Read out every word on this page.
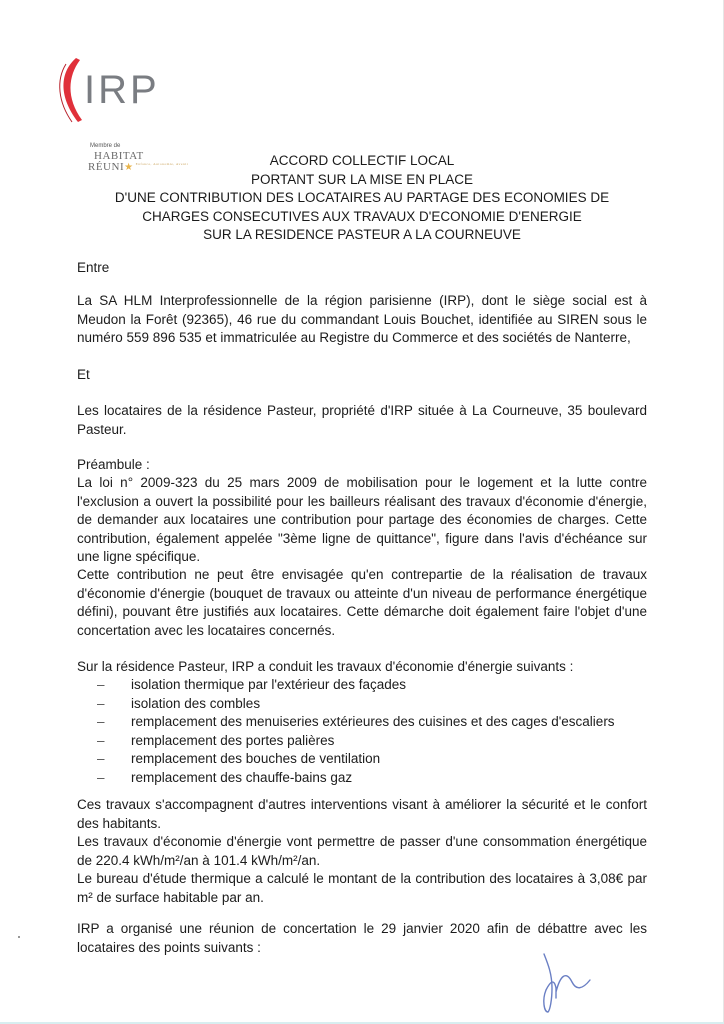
IRP
Membre de
HABITAT
RÉUNI★ Enfance, Autonomie, Avenir	ACCORD COLLECTIF LOCAL
PORTANT SUR LA MISE EN PLACE
D'UNE CONTRIBUTION DES LOCATAIRES AU PARTAGE DES ECONOMIES DE
CHARGES CONSECUTIVES AUX TRAVAUX D'ECONOMIE D'ENERGIE
SUR LA RESIDENCE PASTEUR A LA COURNEUVE

Entre

La SA HLM Interprofessionnelle de la région parisienne (IRP), dont le siège social est à Meudon la Forêt (92365), 46 rue du commandant Louis Bouchet, identifiée au SIREN sous le numéro 559 896 535 et immatriculée au Registre du Commerce et des sociétés de Nanterre,

Et

Les locataires de la résidence Pasteur, propriété d'IRP située à La Courneuve, 35 boulevard Pasteur.

Préambule :

La loi n° 2009-323 du 25 mars 2009 de mobilisation pour le logement et la lutte contre l'exclusion a ouvert la possibilité pour les bailleurs réalisant des travaux d'économie d'énergie, de demander aux locataires une contribution pour partage des économies de charges. Cette contribution, également appelée "3ème ligne de quittance", figure dans l'avis d'échéance sur une ligne spécifique.

Cette contribution ne peut être envisagée qu'en contrepartie de la réalisation de travaux d'économie d'énergie (bouquet de travaux ou atteinte d'un niveau de performance énergétique défini), pouvant être justifiés aux locataires. Cette démarche doit également faire l'objet d'une concertation avec les locataires concernés.

Sur la résidence Pasteur, IRP a conduit les travaux d'économie d'énergie suivants :

– isolation thermique par l'extérieur des façades
– isolation des combles
– remplacement des menuiseries extérieures des cuisines et des cages d'escaliers
– remplacement des portes palières
– remplacement des bouches de ventilation
– remplacement des chauffe-bains gaz

Ces travaux s'accompagnent d'autres interventions visant à améliorer la sécurité et le confort des habitants.

Les travaux d'économie d'énergie vont permettre de passer d'une consommation énergétique de 220.4 kWh/m²/an à 101.4 kWh/m²/an.

Le bureau d'étude thermique a calculé le montant de la contribution des locataires à 3,08€ par m² de surface habitable par an.

IRP a organisé une réunion de concertation le 29 janvier 2020 afin de débattre avec les locataires des points suivants :
